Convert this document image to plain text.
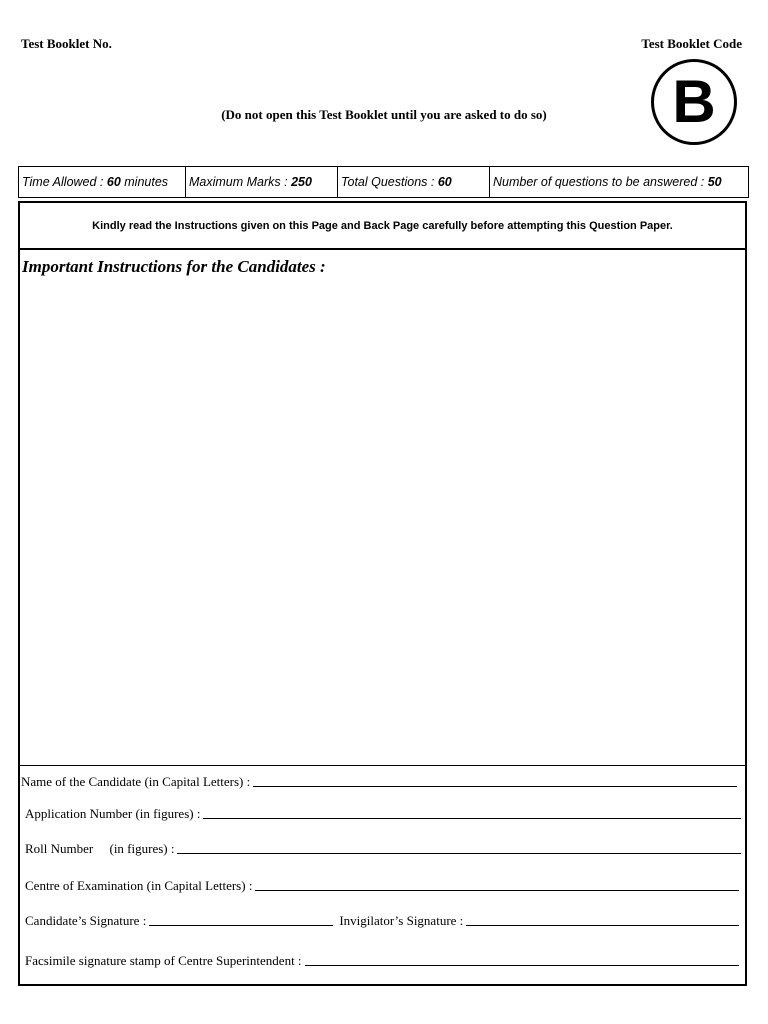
Test Booklet No.	Test Booklet Code
B
(Do not open this Test Booklet until you are asked to do so)
Time Allowed : 60 minutes	Maximum Marks : 250	Total Questions : 60	Number of questions to be answered : 50
Kindly read the Instructions given on this Page and Back Page carefully before attempting this Question Paper.
Important Instructions for the Candidates :
Name of the Candidate (in Capital Letters) :
Application Number (in figures) :
Roll Number     (in figures) :
Centre of Examination (in Capital Letters) :
Candidate’s Signature :	Invigilator’s Signature :
Facsimile signature stamp of Centre Superintendent :
